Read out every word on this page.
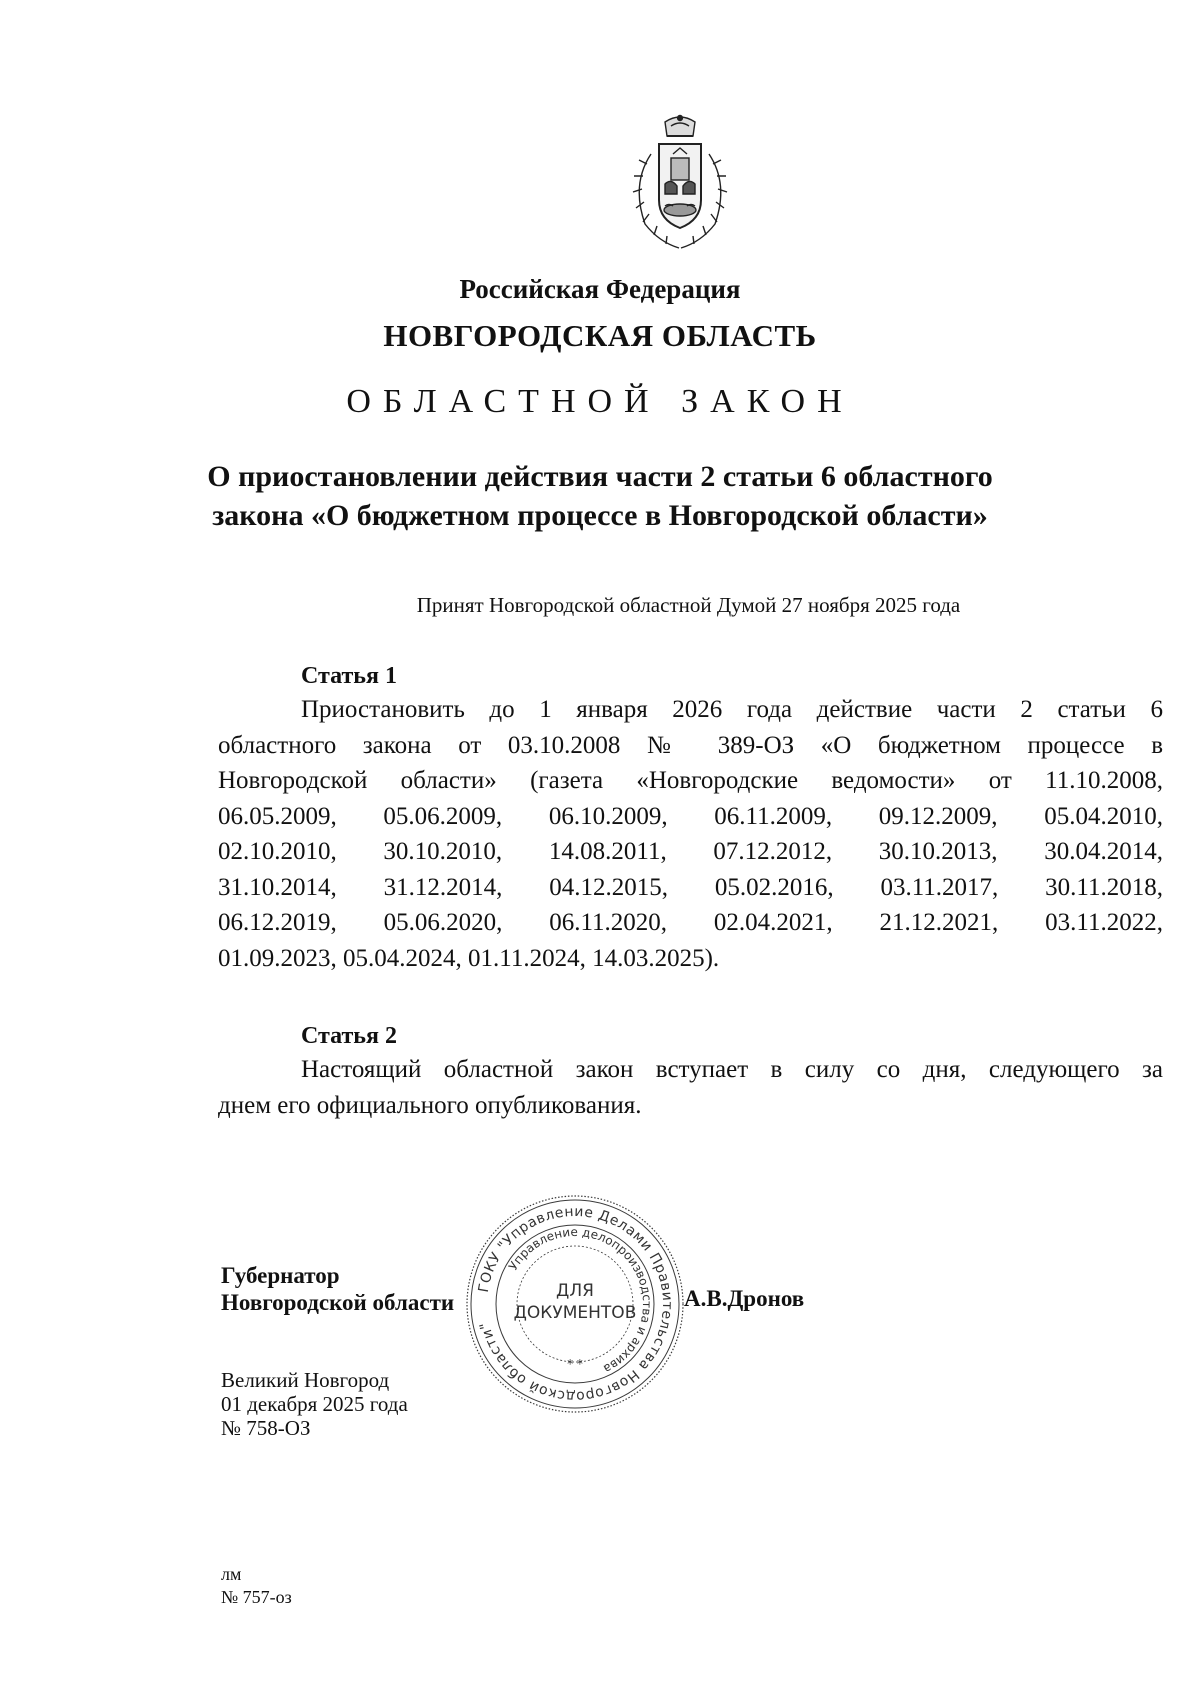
Российская Федерация
НОВГОРОДСКАЯ ОБЛАСТЬ
ОБЛАСТНОЙ ЗАКОН
О приостановлении действия части 2 статьи 6 областного
закона «О бюджетном процессе в Новгородской области»
Принят Новгородской областной Думой 27 ноября 2025 года
Статья 1
Приостановить до 1 января 2026 года действие части 2 статьи 6
областного закона от 03.10.2008 № 389-ОЗ «О бюджетном процессе в
Новгородской области» (газета «Новгородские ведомости» от 11.10.2008,
06.05.2009, 05.06.2009, 06.10.2009, 06.11.2009, 09.12.2009, 05.04.2010,
02.10.2010, 30.10.2010, 14.08.2011, 07.12.2012, 30.10.2013, 30.04.2014,
31.10.2014, 31.12.2014, 04.12.2015, 05.02.2016, 03.11.2017, 30.11.2018,
06.12.2019, 05.06.2020, 06.11.2020, 02.04.2021, 21.12.2021, 03.11.2022,
01.09.2023, 05.04.2024, 01.11.2024, 14.03.2025).
Статья 2
Настоящий областной закон вступает в силу со дня, следующего за
днем его официального опубликования.
Губернатор
Новгородской области	А.В.Дронов
Великий Новгород
01 декабря 2025 года
№ 758-ОЗ
лм
№ 757-оз
ГОКУ "Управление Делами Правительства Новгородской области"
Управление делопроизводства и архива
ДЛЯ
ДОКУМЕНТОВ
* *
